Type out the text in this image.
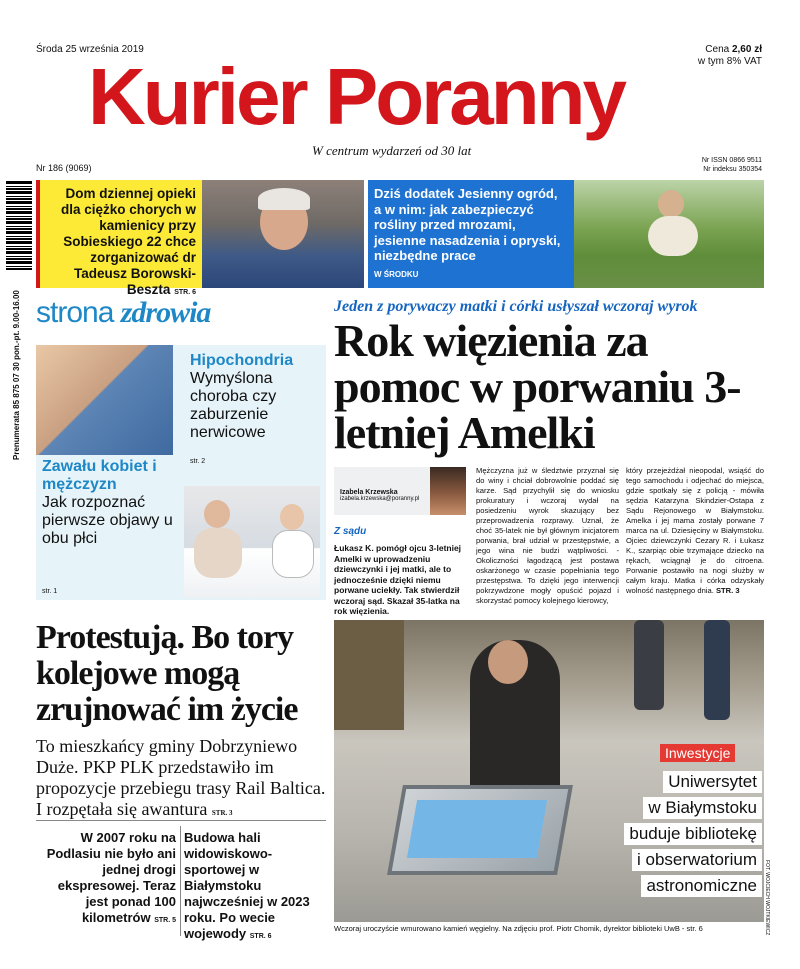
Środa 25 września 2019	Cena 2,60 zł
w tym 8% VAT
Kurier Poranny
W centrum wydarzeń od 30 lat
Nr 186 (9069)
Nr ISSN 0866 9511
Nr indeksu 350354
Prenumerata 85 875 07 30 pon.-pt. 9.00-16.00

Dom dziennej opieki dla ciężko chorych w kamienicy przy Sobieskiego 22 chce zorganizować dr Tadeusz Borowski-Beszta STR. 6

Dziś dodatek Jesienny ogród, a w nim: jak zabezpieczyć rośliny przed mrozami, jesienne nasadzenia i opryski, niezbędne prace
W ŚRODKU
strona zdrowia
Zawału kobiet i mężczyzn
Jak rozpoznać pierwsze objawy u obu płci
str. 1
Hipochondria
Wymyślona choroba czy zaburzenie nerwicowe
str. 2
Jeden z porywaczy matki i córki usłyszał wczoraj wyrok
Rok więzienia za pomoc w porwaniu 3-letniej Amelki
Izabela Krzewska
izabela.krzewska@poranny.pl
Z sądu
Łukasz K. pomógł ojcu 3-letniej Amelki w uprowadzeniu dziewczynki i jej matki, ale to jednocześnie dzięki niemu porwane uciekły. Tak stwierdził wczoraj sąd. Skazał 35-latka na rok więzienia.
Mężczyzna już w śledztwie przyznał się do winy i chciał dobrowolnie poddać się karze. Sąd przychylił się do wniosku prokuratury i wczoraj wydał na posiedzeniu wyrok skazujący bez przeprowadzenia rozprawy. Uznał, że choć 35-latek nie był głównym inicjatorem porwania, brał udział w przestępstwie, a jego wina nie budzi wątpliwości. - Okoliczności łagodzącą jest postawa oskarżonego w czasie popełniania tego przestępstwa. To dzięki jego interwencji pokrzywdzone mogły opuścić pojazd i skorzystać pomocy kolejnego kierowcy,
który przejeżdżał nieopodal, wsiąść do tego samochodu i odjechać do miejsca, gdzie spotkały się z policją - mówiła sędzia Katarzyna Skindzier-Ostapa z Sądu Rejonowego w Białymstoku. Amelka i jej mama zostały porwane 7 marca na ul. Dziesięciny w Białymstoku. Ojciec dziewczynki Cezary R. i Łukasz K., szarpiąc obie trzymające dziecko na rękach, wciągnął je do citroena. Porwanie postawiło na nogi służby w całym kraju. Matka i córka odzyskały wolność następnego dnia. STR. 3
Protestują. Bo tory kolejowe mogą zrujnować im życie
To mieszkańcy gminy Dobrzyniewo Duże. PKP PLK przedstawiło im propozycje przebiegu trasy Rail Baltica. I rozpętała się awantura STR. 3
W 2007 roku na Podlasiu nie było ani jednej drogi ekspresowej. Teraz jest ponad 100 kilometrów STR. 5
Budowa hali widowiskowo-sportowej w Białymstoku najwcześniej w 2023 roku. Po wecie wojewody STR. 6
Inwestycje
Uniwersytet
w Białymstoku
buduje bibliotekę
i obserwatorium
astronomiczne
Wczoraj uroczyście wmurowano kamień węgielny. Na zdjęciu prof. Piotr Chomik, dyrektor biblioteki UwB - str. 6	FOT. WOJCIECH WOJTKIEWICZ
